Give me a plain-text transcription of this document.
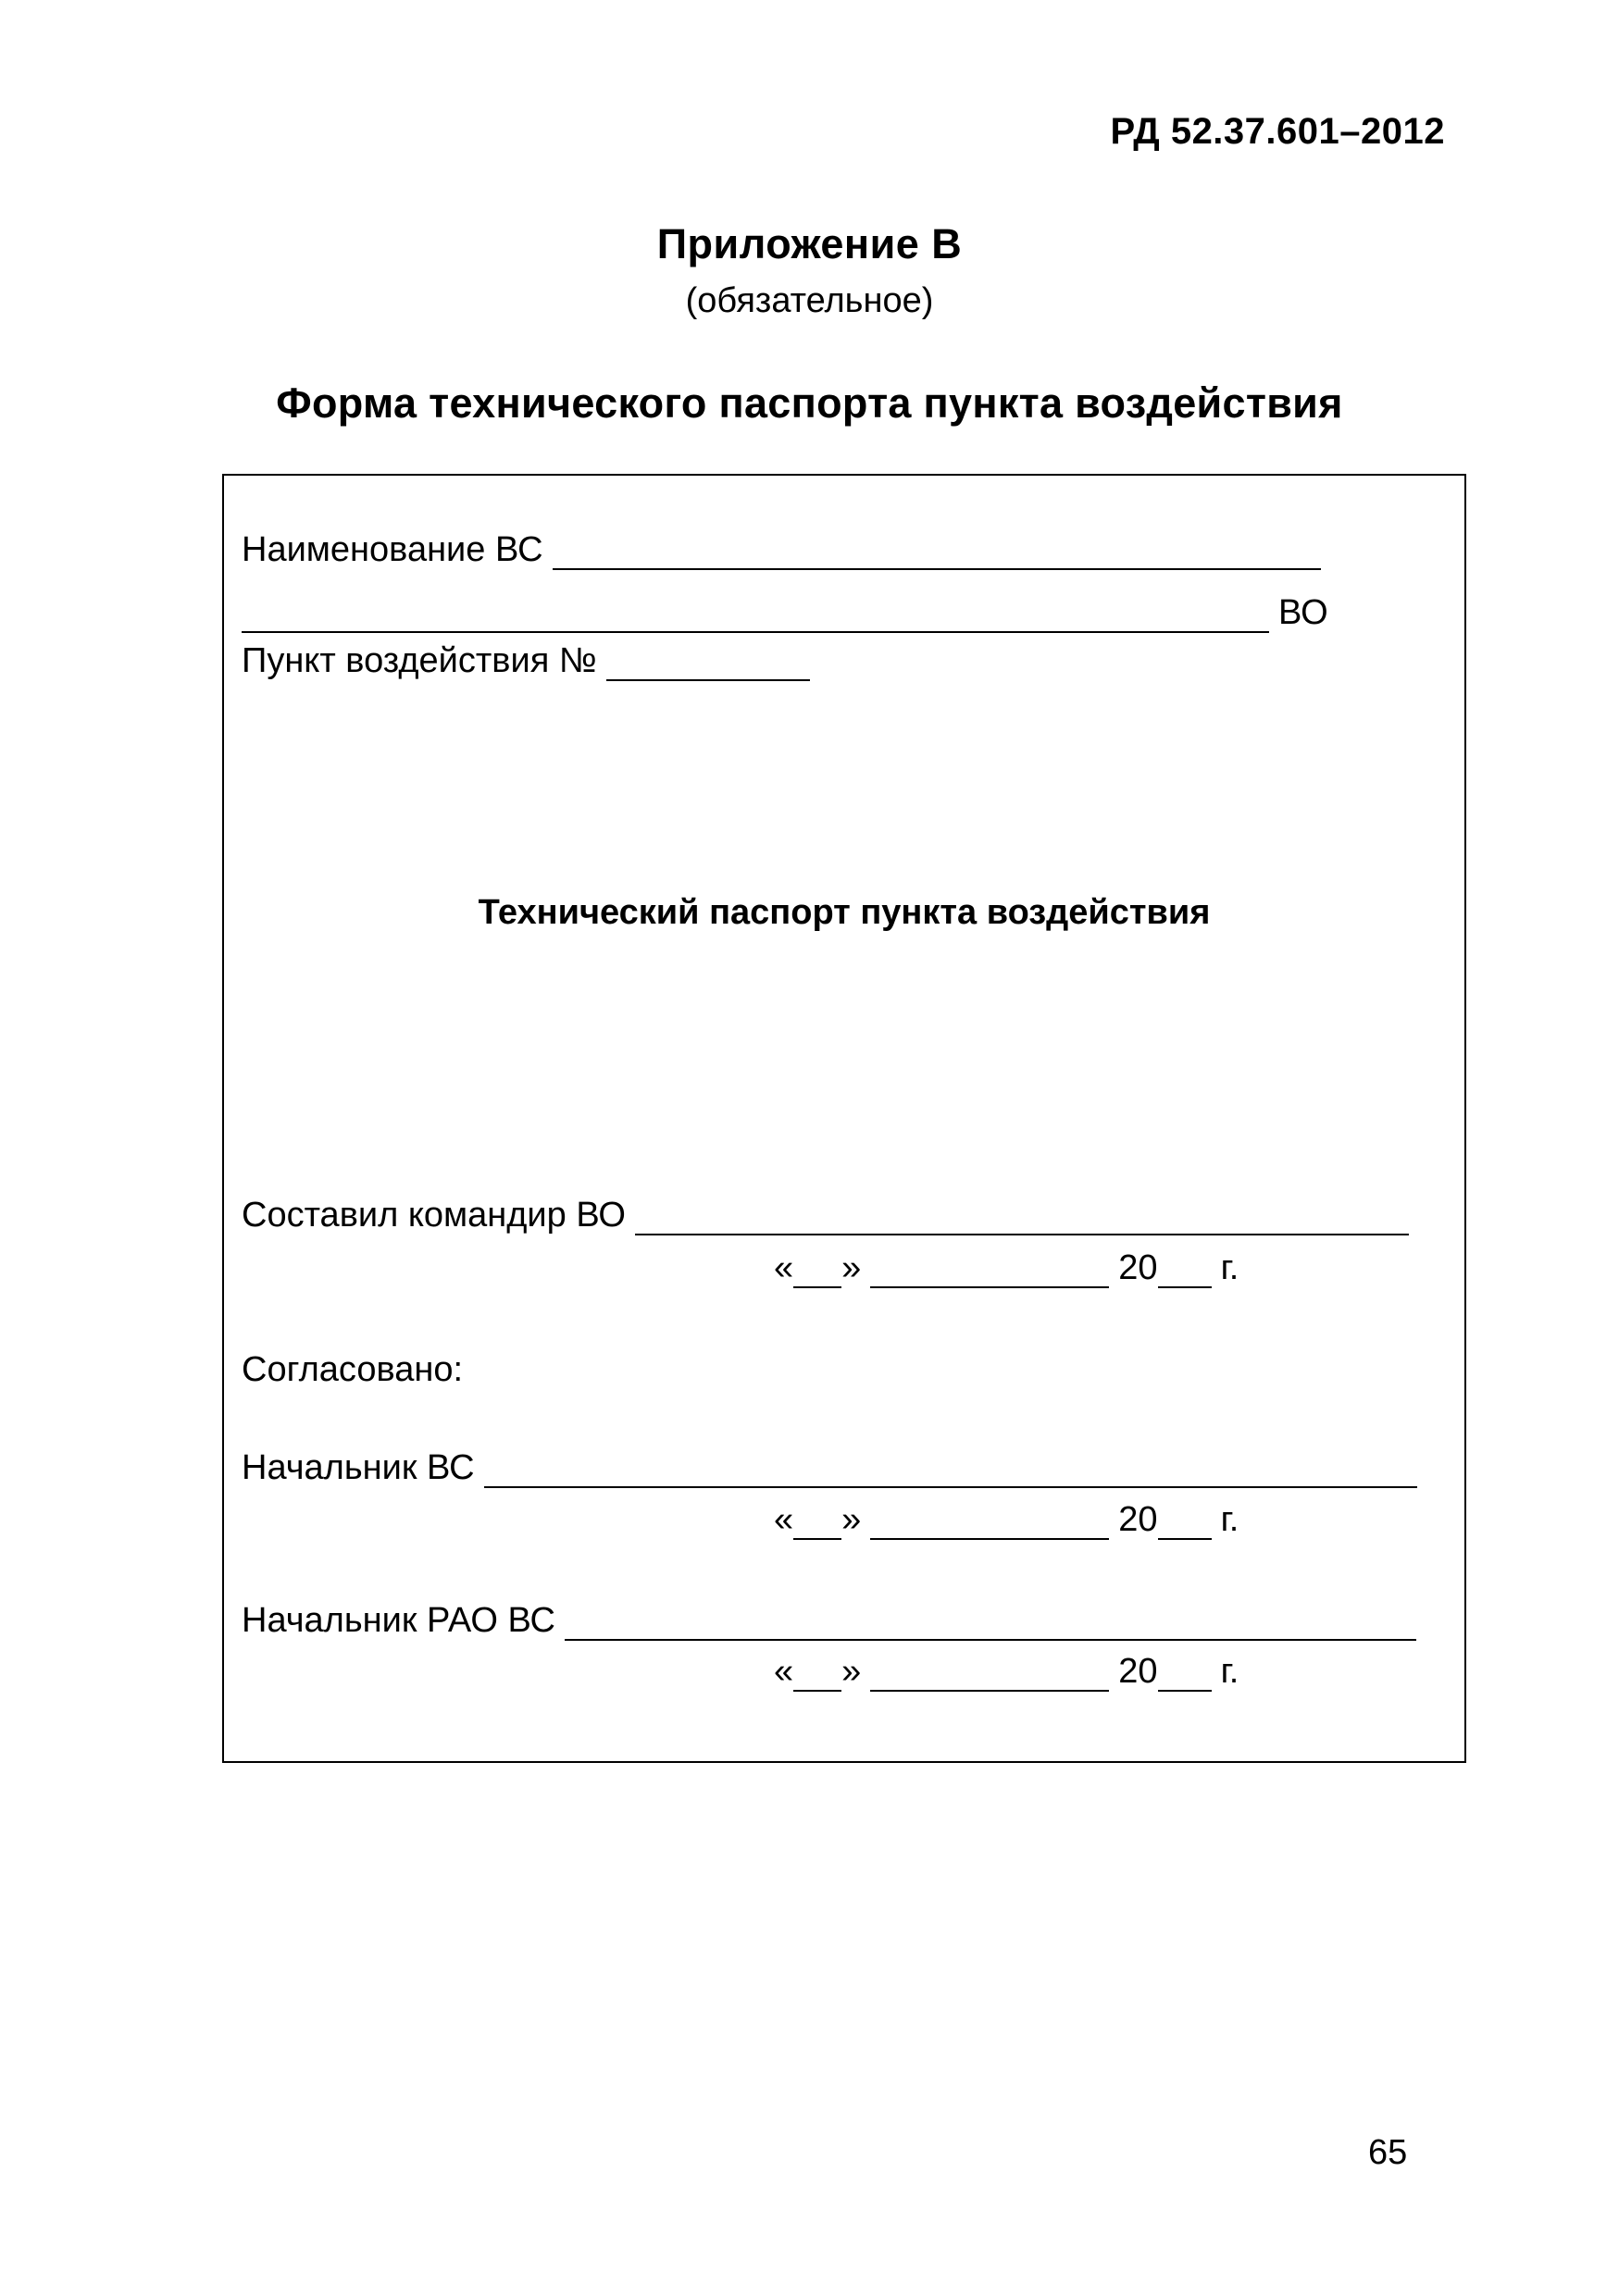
РД 52.37.601–2012
Приложение В
(обязательное)
Форма технического паспорта пункта воздействия
Наименование ВС
ВО
Пункт воздействия №
Технический паспорт пункта воздействия
Составил командир ВО
« »	20 г.
Согласовано:
Начальник ВС
« »	20 г.
Начальник РАО ВС
« »	20 г.
65
